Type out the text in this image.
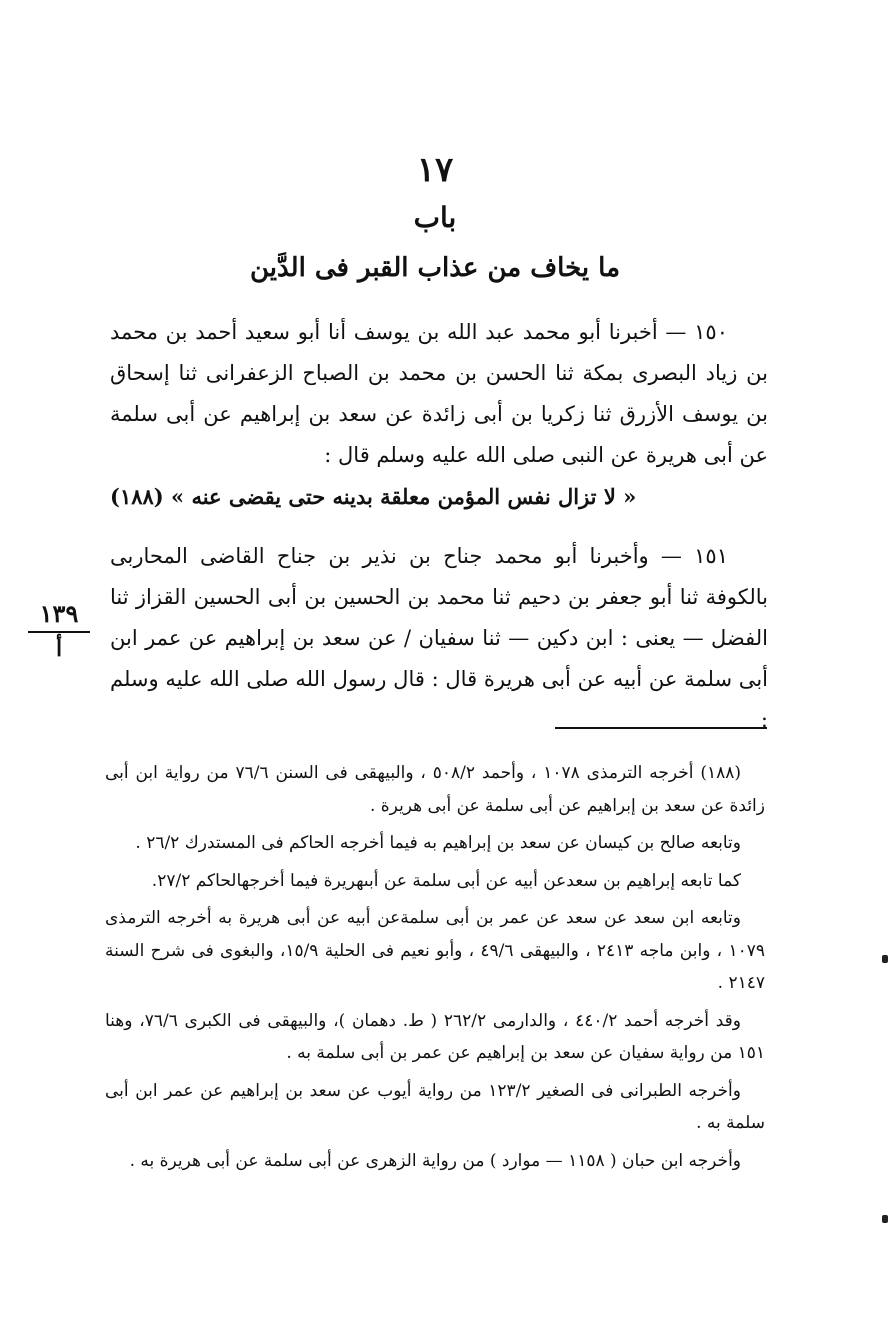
١٧
باب
ما يخاف من عذاب القبر فى الدَّين

١٥٠ — أخبرنا أبو محمد عبد الله بن يوسف أنا أبو سعيد أحمد بن محمد بن زياد البصرى بمكة ثنا الحسن بن محمد بن الصباح الزعفرانى ثنا إسحاق بن يوسف الأزرق ثنا زكريا بن أبى زائدة عن سعد بن إبراهيم عن أبى سلمة عن أبى هريرة عن النبى صلى الله عليه وسلم قال :

« لا تزال نفس المؤمن معلقة بدينه حتى يقضى عنه » (١٨٨)

١٥١ — وأخبرنا أبو محمد جناح بن نذير بن جناح القاضى المحاربى بالكوفة ثنا أبو جعفر بن دحيم ثنا محمد بن الحسين بن أبى الحسين القزاز ثنا الفضل — يعنى : ابن دكين — ثنا سفيان / عن سعد بن إبراهيم عن عمر ابن أبى سلمة عن أبيه عن أبى هريرة قال : قال رسول الله صلى الله عليه وسلم :

١٣٩
أ

(١٨٨) أخرجه الترمذى ١٠٧٨ ، وأحمد ٥٠٨/٢ ، والبيهقى فى السنن ٧٦/٦ من رواية ابن أبى زائدة عن سعد بن إبراهيم عن أبى سلمة عن أبى هريرة .

وتابعه صالح بن كيسان عن سعد بن إبراهيم به فيما أخرجه الحاكم فى المستدرك ٢٦/٢ .

كما تابعه إبراهيم بن سعدعن أبيه عن أبى سلمة عن أبىهريرة فيما أخرجهالحاكم ٢٧/٢.

وتابعه ابن سعد عن سعد عن عمر بن أبى سلمةعن أبيه عن أبى هريرة به أخرجه الترمذى ١٠٧٩ ، وابن ماجه ٢٤١٣ ، والبيهقى ٤٩/٦ ، وأبو نعيم فى الحلية ١٥/٩، والبغوى فى شرح السنة ٢١٤٧ .

وقد أخرجه أحمد ٤٤٠/٢ ، والدارمى ٢٦٢/٢ ( ط. دهمان )، والبيهقى فى الكبرى ٧٦/٦، وهنا ١٥١ من رواية سفيان عن سعد بن إبراهيم عن عمر بن أبى سلمة به .

وأخرجه الطبرانى فى الصغير ١٢٣/٢ من رواية أيوب عن سعد بن إبراهيم عن عمر ابن أبى سلمة به .

وأخرجه ابن حبان ( ١١٥٨ — موارد ) من رواية الزهرى عن أبى سلمة عن أبى هريرة به .
